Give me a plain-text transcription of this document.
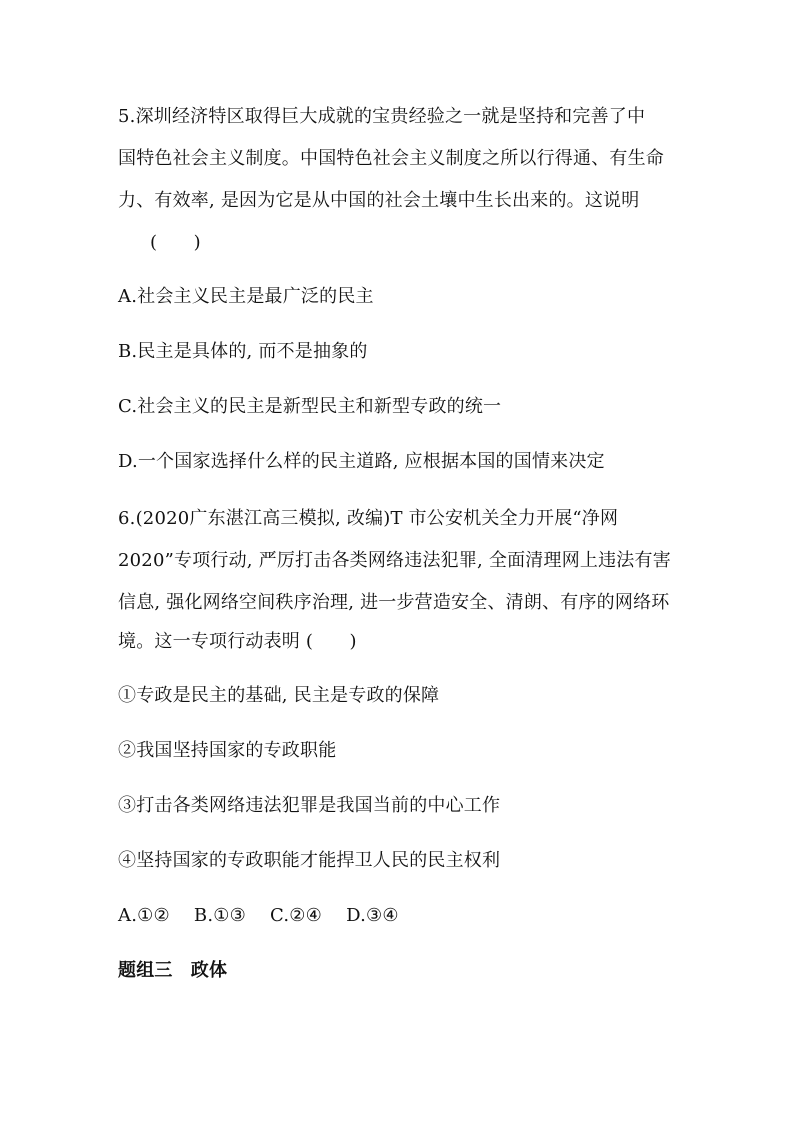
5.深圳经济特区取得巨大成就的宝贵经验之一就是坚持和完善了中
国特色社会主义制度。中国特色社会主义制度之所以行得通、有生命
力、有效率, 是因为它是从中国的社会土壤中生长出来的。这说明
(　　)
A.社会主义民主是最广泛的民主
B.民主是具体的, 而不是抽象的
C.社会主义的民主是新型民主和新型专政的统一
D.一个国家选择什么样的民主道路, 应根据本国的国情来决定
6.(2020广东湛江高三模拟, 改编)T 市公安机关全力开展“净网
2020”专项行动, 严厉打击各类网络违法犯罪, 全面清理网上违法有害
信息, 强化网络空间秩序治理, 进一步营造安全、清朗、有序的网络环
境。这一专项行动表明 (　　)
①专政是民主的基础, 民主是专政的保障
②我国坚持国家的专政职能
③打击各类网络违法犯罪是我国当前的中心工作
④坚持国家的专政职能才能捍卫人民的民主权利
A.①②　 B.①③　 C.②④　 D.③④
题组三　政体
